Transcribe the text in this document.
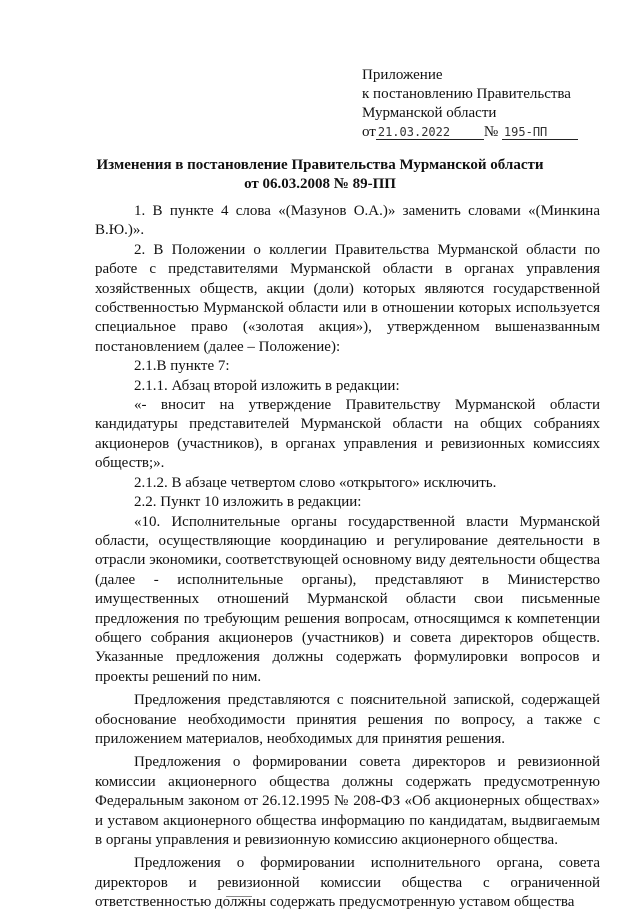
Приложение
к постановлению Правительства
Мурманской области
от 21.03.2022 № 195-ПП
Изменения в постановление Правительства Мурманской области
от 06.03.2008 № 89-ПП

1. В пункте 4 слова «(Мазунов О.А.)» заменить словами «(Минкина В.Ю.)».

2. В Положении о коллегии Правительства Мурманской области по работе с представителями Мурманской области в органах управления хозяйственных обществ, акции (доли) которых являются государственной собственностью Мурманской области или в отношении которых используется специальное право («золотая акция»), утвержденном вышеназванным постановлением (далее – Положение):

2.1.В пункте 7:

2.1.1. Абзац второй изложить в редакции:

«- вносит на утверждение Правительству Мурманской области кандидатуры представителей Мурманской области на общих собраниях акционеров (участников), в органах управления и ревизионных комиссиях обществ;».

2.1.2. В абзаце четвертом слово «открытого» исключить.

2.2. Пункт 10 изложить в редакции:

«10. Исполнительные органы государственной власти Мурманской области, осуществляющие координацию и регулирование деятельности в отрасли экономики, соответствующей основному виду деятельности общества (далее - исполнительные органы), представляют в Министерство имущественных отношений Мурманской области свои письменные предложения по требующим решения вопросам, относящимся к компетенции общего собрания акционеров (участников) и совета директоров обществ. Указанные предложения должны содержать формулировки вопросов и проекты решений по ним.

Предложения представляются с пояснительной запиской, содержащей обоснование необходимости принятия решения по вопросу, а также с приложением материалов, необходимых для принятия решения.

Предложения о формировании совета директоров и ревизионной комиссии акционерного общества должны содержать предусмотренную Федеральным законом от 26.12.1995 № 208-ФЗ «Об акционерных обществах» и уставом акционерного общества информацию по кандидатам, выдвигаемым в органы управления и ревизионную комиссию акционерного общества.

Предложения о формировании исполнительного органа, совета директоров и ревизионной комиссии общества с ограниченной ответственностью должны содержать предусмотренную уставом общества
